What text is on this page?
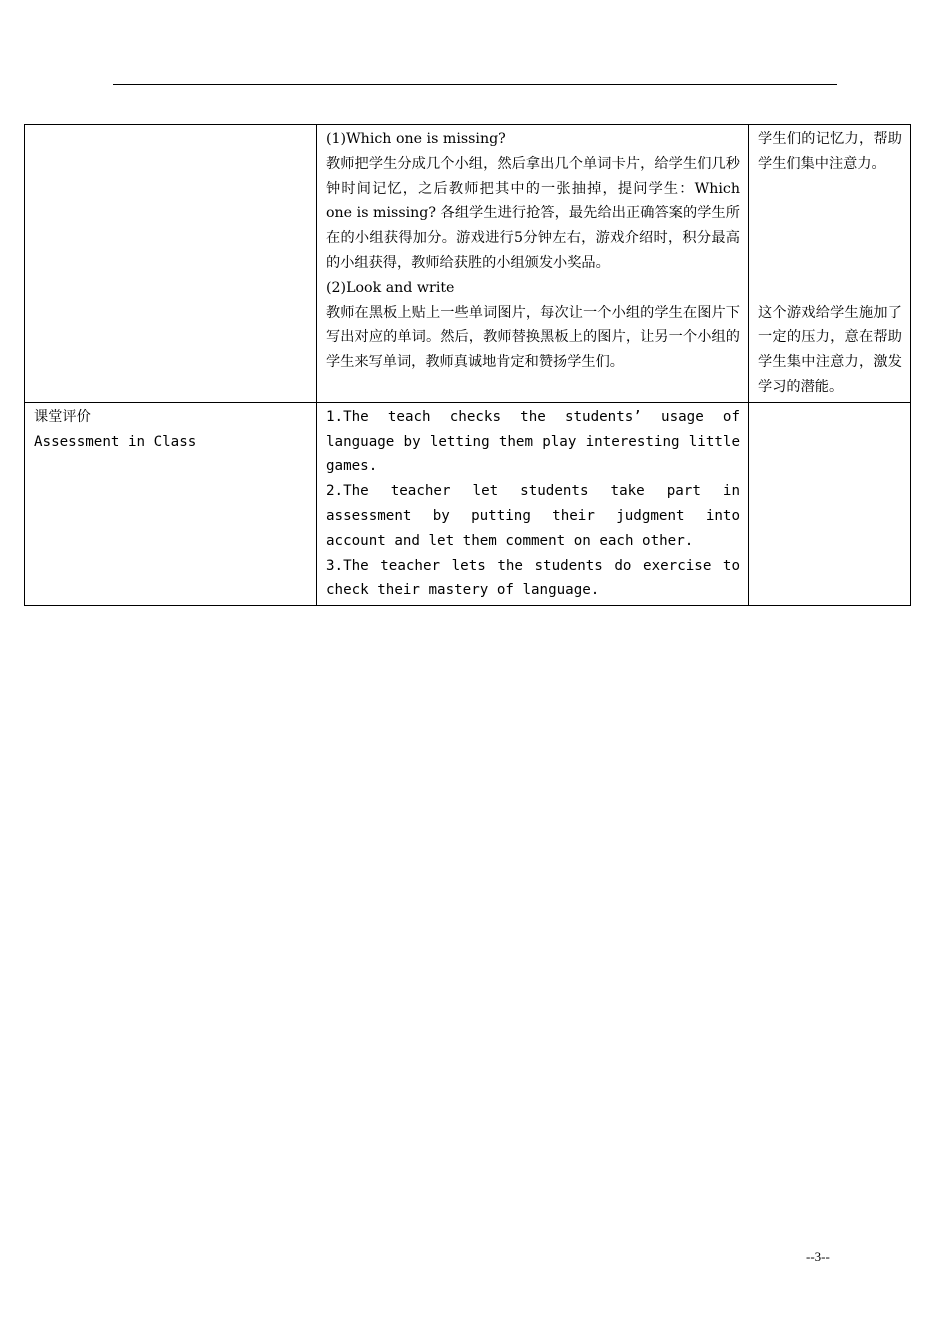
	(1)Which one is missing?
教师把学生分成几个小组，然后拿出几个单词卡片，给学生们几秒钟时间记忆，之后教师把其中的一张抽掉，提问学生：Which one is missing? 各组学生进行抢答，最先给出正确答案的学生所在的小组获得加分。游戏进行5分钟左右，游戏介绍时，积分最高的小组获得，教师给获胜的小组颁发小奖品。
(2)Look and write
教师在黑板上贴上一些单词图片，每次让一个小组的学生在图片下写出对应的单词。然后，教师替换黑板上的图片，让另一个小组的学生来写单词，教师真诚地肯定和赞扬学生们。	学生们的记忆力，帮助学生们集中注意力。
这个游戏给学生施加了一定的压力，意在帮助学生集中注意力，激发学习的潜能。

课堂评价
Assessment in Class	1.The teach checks the students’ usage of language by letting them play interesting little games.
2.The teacher let students take part in assessment by putting their judgment into account and let them comment on each other.
3.The teacher lets the students do exercise to check their mastery of language.	

--3--
